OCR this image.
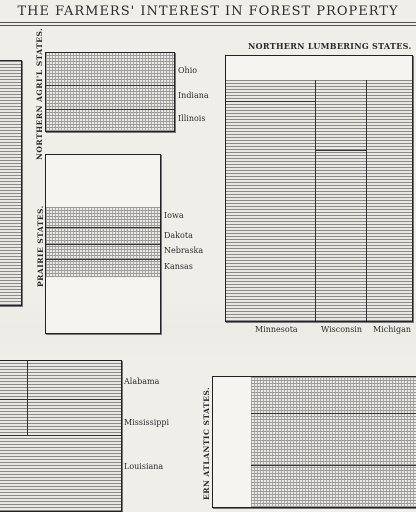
THE FARMERS' INTEREST IN FOREST PROPERTY
NORTHERN AGRI'L STATES.	Ohio
Indiana
Illinois
PRAIRIE STATES.	Iowa
Dakota
Nebraska
Kansas
NORTHERN LUMBERING STATES.
Minnesota	Wisconsin Michigan
Alabama
Mississippi
Louisiana	ERN ATLANTIC STATES.
